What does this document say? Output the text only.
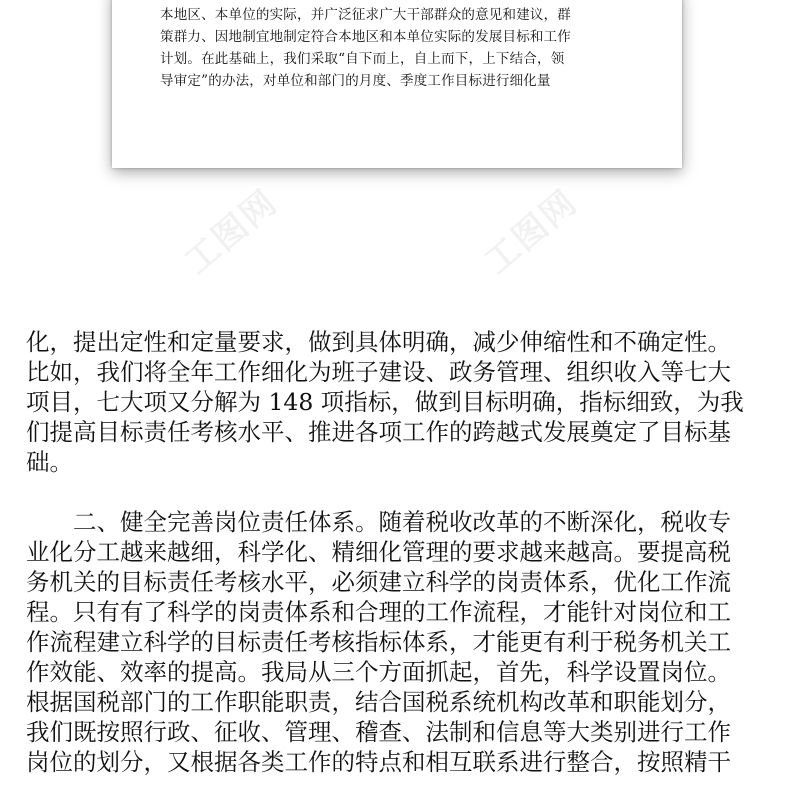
本地区、本单位的实际，并广泛征求广大干部群众的意见和建议，群
策群力、因地制宜地制定符合本地区和本单位实际的发展目标和工作
计划。在此基础上，我们采取“自下而上，自上而下，上下结合，领
导审定”的办法，对单位和部门的月度、季度工作目标进行细化量
工图网	工图网
化，提出定性和定量要求，做到具体明确，减少伸缩性和不确定性。
比如，我们将全年工作细化为班子建设、政务管理、组织收入等七大
项目，七大项又分解为 148 项指标，做到目标明确，指标细致，为我
们提高目标责任考核水平、推进各项工作的跨越式发展奠定了目标基
础。
　　二、健全完善岗位责任体系。随着税收改革的不断深化，税收专
业化分工越来越细，科学化、精细化管理的要求越来越高。要提高税
务机关的目标责任考核水平，必须建立科学的岗责体系，优化工作流
程。只有有了科学的岗责体系和合理的工作流程，才能针对岗位和工
作流程建立科学的目标责任考核指标体系，才能更有利于税务机关工
作效能、效率的提高。我局从三个方面抓起，首先，科学设置岗位。
根据国税部门的工作职能职责，结合国税系统机构改革和职能划分，
我们既按照行政、征收、管理、稽查、法制和信息等大类别进行工作
岗位的划分，又根据各类工作的特点和相互联系进行整合，按照精干
